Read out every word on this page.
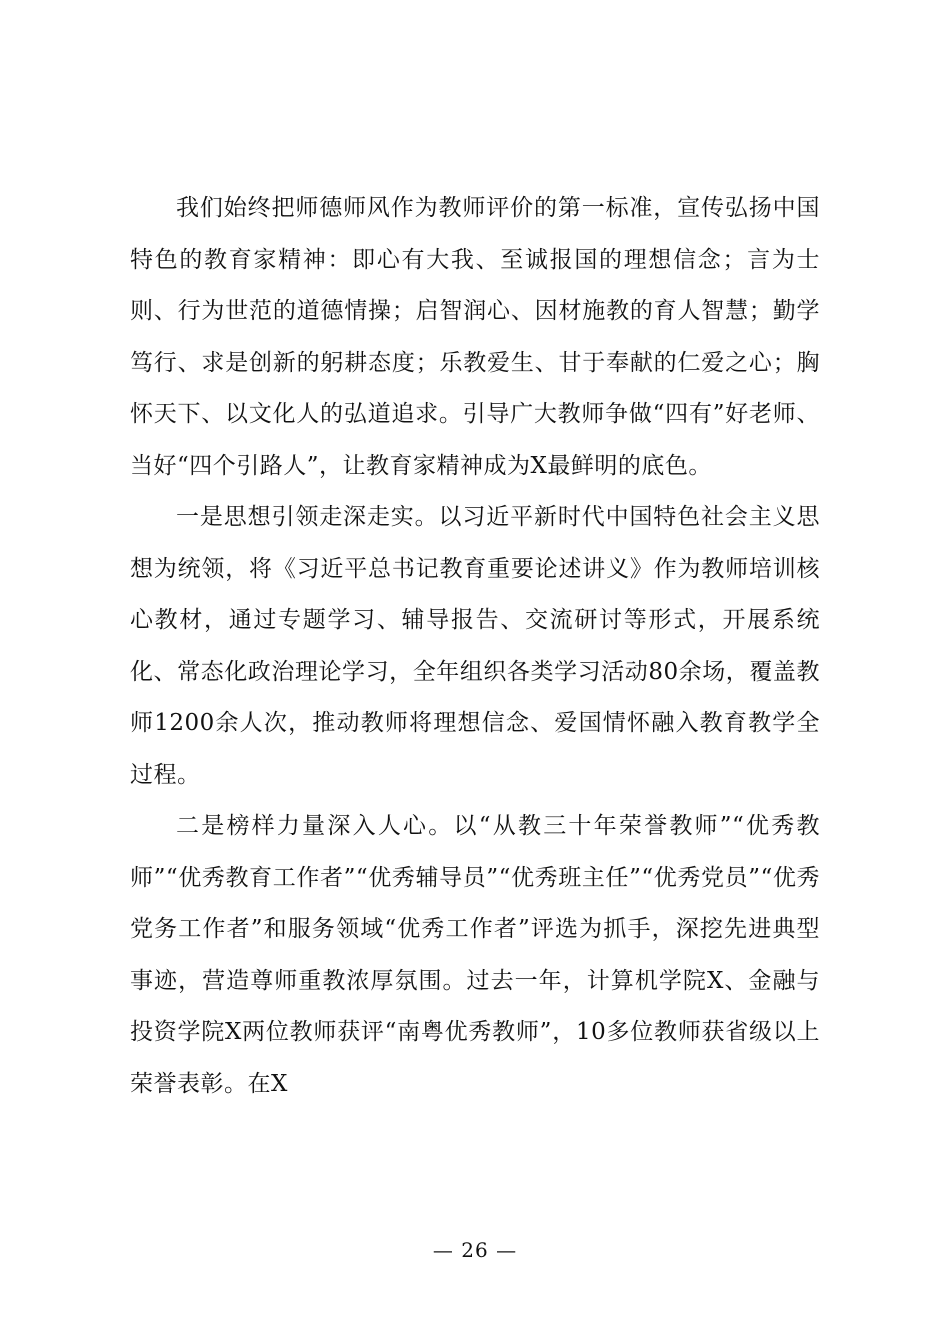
我们始终把师德师风作为教师评价的第一标准，宣传弘扬中国特色的教育家精神：即心有大我、至诚报国的理想信念；言为士则、行为世范的道德情操；启智润心、因材施教的育人智慧；勤学笃行、求是创新的躬耕态度；乐教爱生、甘于奉献的仁爱之心；胸怀天下、以文化人的弘道追求。引导广大教师争做“四有”好老师、当好“四个引路人”，让教育家精神成为X最鲜明的底色。

一是思想引领走深走实。以习近平新时代中国特色社会主义思想为统领，将《习近平总书记教育重要论述讲义》作为教师培训核心教材，通过专题学习、辅导报告、交流研讨等形式，开展系统化、常态化政治理论学习，全年组织各类学习活动80余场，覆盖教师1200余人次，推动教师将理想信念、爱国情怀融入教育教学全过程。

二是榜样力量深入人心。以“从教三十年荣誉教师”“优秀教师”“优秀教育工作者”“优秀辅导员”“优秀班主任”“优秀党员”“优秀党务工作者”和服务领域“优秀工作者”评选为抓手，深挖先进典型事迹，营造尊师重教浓厚氛围。过去一年，计算机学院X、金融与投资学院X两位教师获评“南粤优秀教师”，10多位教师获省级以上荣誉表彰。在X

— 26 —
